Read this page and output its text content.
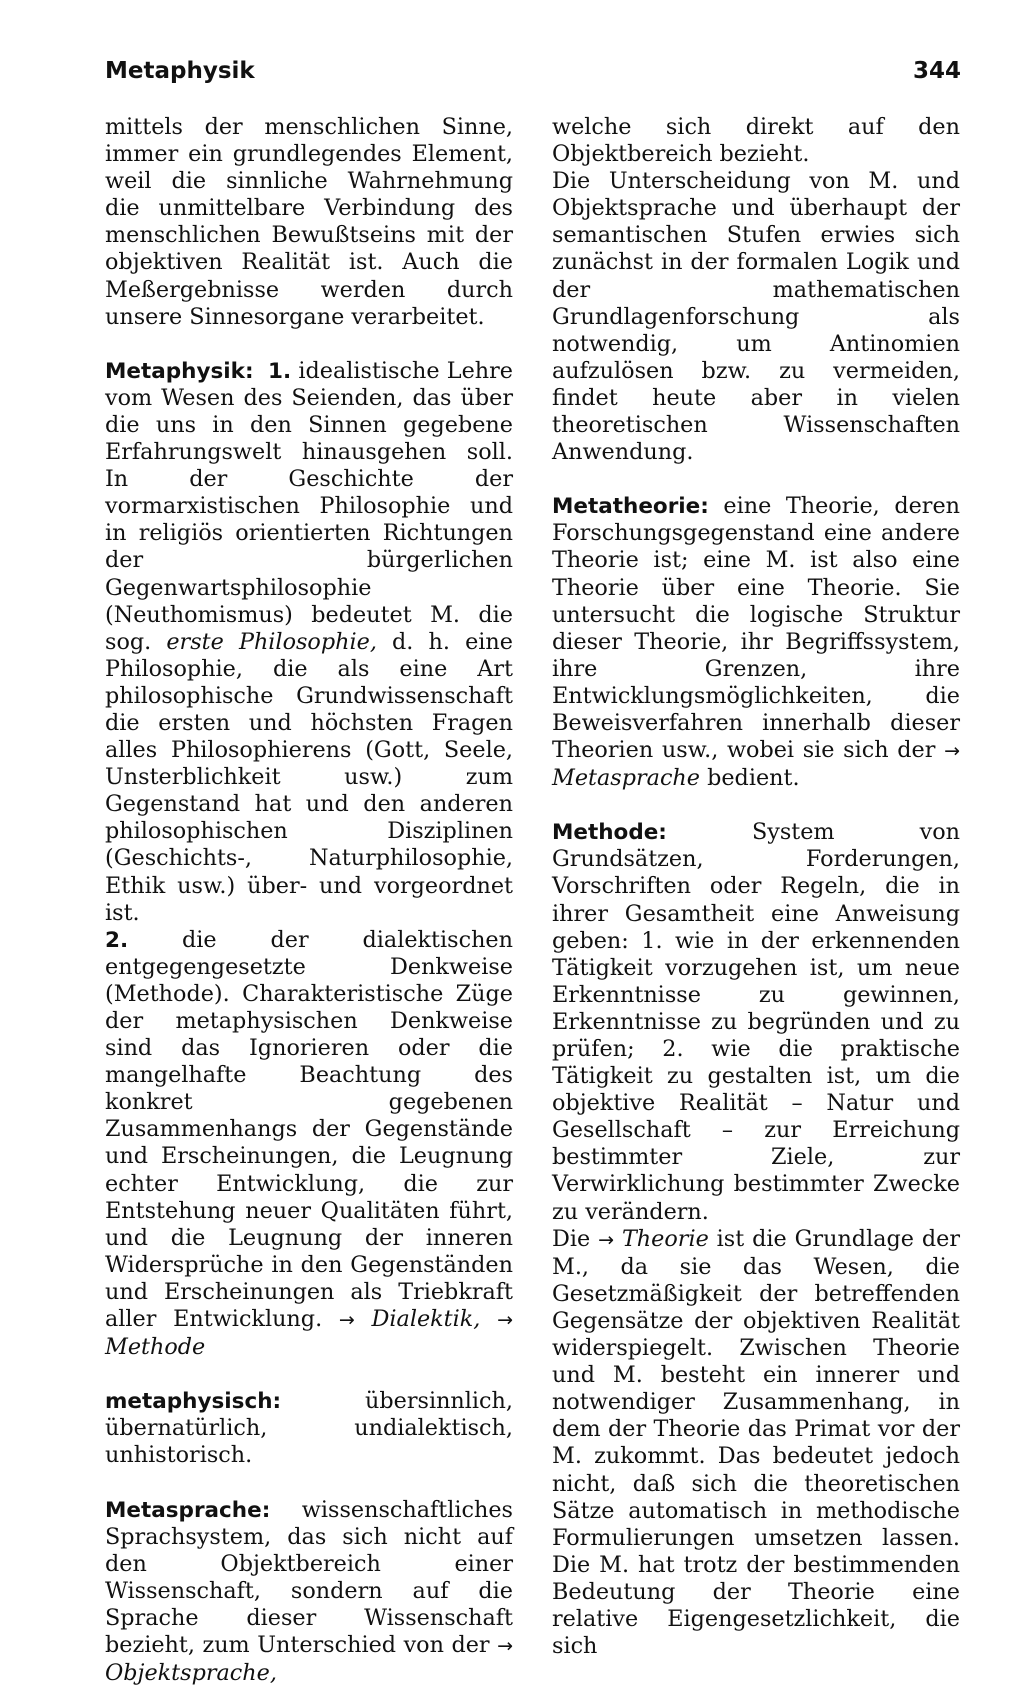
Metaphysik	344

mittels der menschlichen Sinne, immer ein grundlegendes Element, weil die sinnliche Wahrnehmung die unmittelbare Verbindung des menschlichen Bewußtseins mit der objektiven Realität ist. Auch die Meßergebnisse werden durch unsere Sinnesorgane verarbeitet.

Metaphysik: 1. idealistische Lehre vom Wesen des Seienden, das über die uns in den Sinnen gegebene Erfahrungswelt hinausgehen soll. In der Geschichte der vormarxistischen Philosophie und in religiös orientierten Richtungen der bürgerlichen Gegenwartsphilosophie (Neuthomismus) bedeutet M. die sog. erste Philosophie, d. h. eine Philosophie, die als eine Art philosophische Grundwissenschaft die ersten und höchsten Fragen alles Philosophierens (Gott, Seele, Unsterblichkeit usw.) zum Gegenstand hat und den anderen philosophischen Disziplinen (Geschichts-, Naturphilosophie, Ethik usw.) über- und vorgeordnet ist.
2. die der dialektischen entgegengesetzte Denkweise (Methode). Charakteristische Züge der metaphysischen Denkweise sind das Ignorieren oder die mangelhafte Beachtung des konkret gegebenen Zusammenhangs der Gegenstände und Erscheinungen, die Leugnung echter Entwicklung, die zur Entstehung neuer Qualitäten führt, und die Leugnung der inneren Widersprüche in den Gegenständen und Erscheinungen als Triebkraft aller Entwicklung. → Dialektik, → Methode

metaphysisch: übersinnlich, übernatürlich, undialektisch, unhistorisch.

Metasprache: wissenschaftliches Sprachsystem, das sich nicht auf den Objektbereich einer Wissenschaft, sondern auf die Sprache dieser Wissenschaft bezieht, zum Unterschied von der → Objektsprache,

welche sich direkt auf den Objektbereich bezieht.

Die Unterscheidung von M. und Objektsprache und überhaupt der semantischen Stufen erwies sich zunächst in der formalen Logik und der mathematischen Grundlagenforschung als notwendig, um Antinomien aufzulösen bzw. zu vermeiden, findet heute aber in vielen theoretischen Wissenschaften Anwendung.

Metatheorie: eine Theorie, deren Forschungsgegenstand eine andere Theorie ist; eine M. ist also eine Theorie über eine Theorie. Sie untersucht die logische Struktur dieser Theorie, ihr Begriffssystem, ihre Grenzen, ihre Entwicklungsmöglichkeiten, die Beweisverfahren innerhalb dieser Theorien usw., wobei sie sich der → Metasprache bedient.

Methode: System von Grundsätzen, Forderungen, Vorschriften oder Regeln, die in ihrer Gesamtheit eine Anweisung geben: 1. wie in der erkennenden Tätigkeit vorzugehen ist, um neue Erkenntnisse zu gewinnen, Erkenntnisse zu begründen und zu prüfen; 2. wie die praktische Tätigkeit zu gestalten ist, um die objektive Realität – Natur und Gesellschaft – zur Erreichung bestimmter Ziele, zur Verwirklichung bestimmter Zwecke zu verändern.

Die → Theorie ist die Grundlage der M., da sie das Wesen, die Gesetzmäßigkeit der betreffenden Gegensätze der objektiven Realität widerspiegelt. Zwischen Theorie und M. besteht ein innerer und notwendiger Zusammenhang, in dem der Theorie das Primat vor der M. zukommt. Das bedeutet jedoch nicht, daß sich die theoretischen Sätze automatisch in methodische Formulierungen umsetzen lassen. Die M. hat trotz der bestimmenden Bedeutung der Theorie eine relative Eigengesetzlichkeit, die sich
